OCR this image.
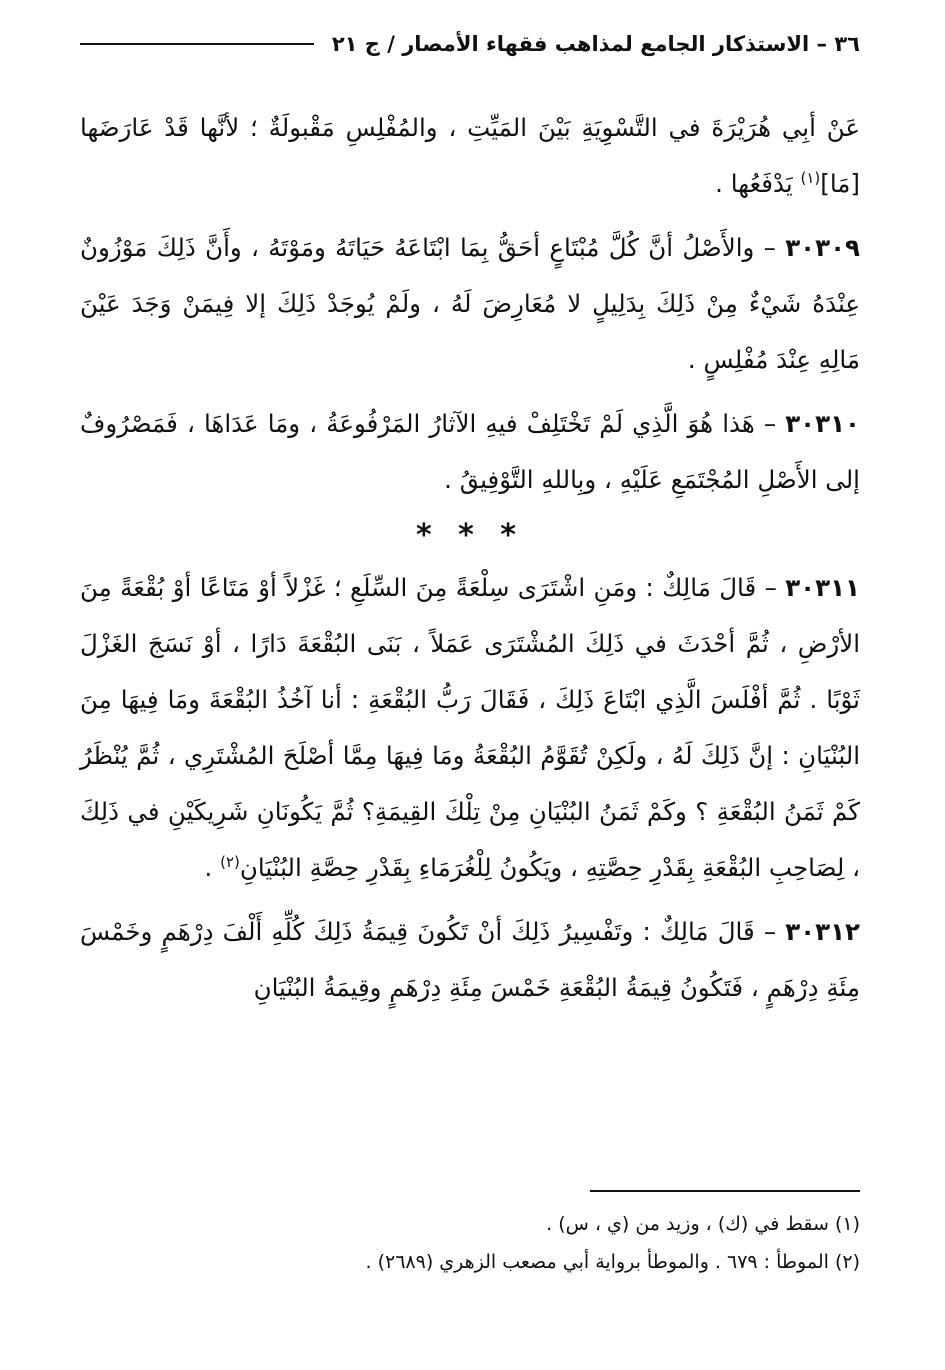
٣٦ – الاستذكار الجامع لمذاهب فقهاء الأمصار / ج ٢١

عَنْ أبِي هُرَيْرَةَ في التَّسْوِيَةِ بَيْنَ المَيِّتِ ، والمُفْلِسِ مَقْبولَةٌ ؛ لأنَّها قَدْ عَارَضَها [مَا]$^{(١)}$ يَدْفَعُها .

٣٠٣٠٩ – والأَصْلُ أنَّ كُلَّ مُبْتَاعٍ أحَقُّ بِمَا ابْتَاعَهُ حَيَاتَهُ ومَوْتَهُ ، وأَنَّ ذَلِكَ مَوْزُونٌ عِنْدَهُ شَيْءٌ مِنْ ذَلِكَ بِدَلِيلٍ لا مُعَارِضَ لَهُ ، ولَمْ يُوجَدْ ذَلِكَ إلا فِيمَنْ وَجَدَ عَيْنَ مَالِهِ عِنْدَ مُفْلِسٍ .

٣٠٣١٠ – هَذا هُوَ الَّذِي لَمْ تَخْتَلِفْ فيهِ الآثارُ المَرْفُوعَةُ ، ومَا عَدَاهَا ، فَمَصْرُوفٌ إلى الأَصْلِ المُجْتَمَعِ عَلَيْهِ ، وبِاللهِ التَّوْفِيقُ .

* * *

٣٠٣١١ – قَالَ مَالِكٌ : ومَنِ اشْتَرَى سِلْعَةً مِنَ السِّلَعِ ؛ غَزْلاً أوْ مَتَاعًا أوْ بُقْعَةً مِنَ الأرْضِ ، ثُمَّ أحْدَثَ في ذَلِكَ المُشْتَرَى عَمَلاً ، بَنَى البُقْعَةَ دَارًا ، أوْ نَسَجَ الغَزْلَ ثَوْبًا . ثُمَّ أفْلَسَ الَّذِي ابْتَاعَ ذَلِكَ ، فَقَالَ رَبُّ البُقْعَةِ : أنا آخُذُ البُقْعَةَ ومَا فِيهَا مِنَ البُنْيَانِ : إنَّ ذَلِكَ لَهُ ، ولَكِنْ تُقَوَّمُ البُقْعَةُ ومَا فِيهَا مِمَّا أصْلَحَ المُشْتَرِي ، ثُمَّ يُنْظَرُ كَمْ ثَمَنُ البُقْعَةِ ؟ وكَمْ ثَمَنُ البُنْيَانِ مِنْ تِلْكَ القِيمَةِ؟ ثُمَّ يَكُونَانِ شَرِيكَيْنِ في ذَلِكَ ، لِصَاحِبِ البُقْعَةِ بِقَدْرِ حِصَّتِهِ ، ويَكُونُ لِلْغُرَمَاءِ بِقَدْرِ حِصَّةِ البُنْيَانِ$^{(٢)}$ .

٣٠٣١٢ – قَالَ مَالِكٌ : وتَفْسِيرُ ذَلِكَ أنْ تَكُونَ قِيمَةُ ذَلِكَ كُلِّهِ أَلْفَ دِرْهَمٍ وخَمْسَ مِئَةِ دِرْهَمٍ ، فَتَكُونُ قِيمَةُ البُقْعَةِ خَمْسَ مِئَةِ دِرْهَمٍ وقِيمَةُ البُنْيَانِ

(١) سقط في (ك) ، وزيد من (ي ، س) .

(٢) الموطأ : ٦٧٩ . والموطأ برواية أبي مصعب الزهري (٢٦٨٩) .
